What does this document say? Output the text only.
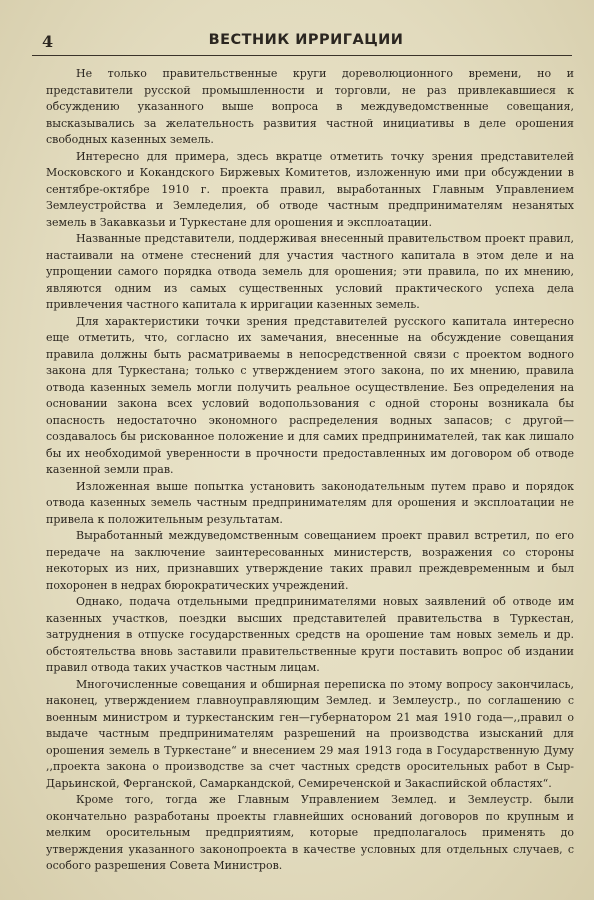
4	ВЕСТНИК ИРРИГАЦИИ

Не только правительственные круги дореволюционного времени, но и представители русской промышленности и торговли, не раз привлекавшиеся к обсуждению указанного выше вопроса в междуведомственные совещания, высказывались за желательность развития частной инициативы в деле орошения свободных казенных земель.

Интересно для примера, здесь вкратце отметить точку зрения представителей Московского и Кокандского Биржевых Комитетов, изложенную ими при обсуждении в сентябре-октябре 1910 г. проекта правил, выработанных Главным Управлением Землеустройства и Земледелия, об отводе частным предпринимателям незанятых земель в Закавказьи и Туркестане для орошения и эксплоатации.

Названные представители, поддерживая внесенный правительством проект правил, настаивали на отмене стеснений для участия частного капитала в этом деле и на упрощении самого порядка отвода земель для орошения; эти правила, по их мнению, являются одним из самых существенных условий практического успеха дела привлечения частного капитала к ирригации казенных земель.

Для характеристики точки зрения представителей русского капитала интересно еще отметить, что, согласно их замечания, внесенные на обсуждение совещания правила должны быть расматриваемы в непосредственной связи с проектом водного закона для Туркестана; только с утверждением этого закона, по их мнению, правила отвода казенных земель могли получить реальное осуществление. Без определения на основании закона всех условий водопользования с одной стороны возникала бы опасность недостаточно экономного распределения водных запасов; с другой—создавалось бы рискованное положение и для самих предпринимателей, так как лишало бы их необходимой уверенности в прочности предоставленных им договором об отводе казенной земли прав.

Изложенная выше попытка установить законодательным путем право и порядок отвода казенных земель частным предпринимателям для орошения и эксплоатации не привела к положительным результатам.

Выработанный междуведомственным совещанием проект правил встретил, по его передаче на заключение заинтересованных министерств, возражения со стороны некоторых из них, признавших утверждение таких правил преждевременным и был похоронен в недрах бюрократических учреждений.

Однако, подача отдельными предпринимателями новых заявлений об отводе им казенных участков, поездки высших представителей правительства в Туркестан, затруднения в отпуске государственных средств на орошение там новых земель и др. обстоятельства вновь заставили правительственные круги поставить вопрос об издании правил отвода таких участков частным лицам.

Многочисленные совещания и обширная переписка по этому вопросу закончилась, наконец, утверждением главноуправляющим Землед. и Землеустр., по соглашению с военным министром и туркестанским ген—губернатором 21 мая 1910 года—,,правил о выдаче частным предпринимателям разрешений на производства изысканий для орошения земель в Туркестане“ и внесением 29 мая 1913 года в Государственную Думу ,,проекта закона о производстве за счет частных средств оросительных работ в Сыр-Дарьинской, Ферганской, Самаркандской, Семиреченской и Закаспийской областях“.

Кроме того, тогда же Главным Управлением Землед. и Землеустр. были окончательно разработаны проекты главнейших оснований договоров по крупным и мелким оросительным предприятиям, которые предполагалось применять до утверждения указанного законопроекта в качестве условных для отдельных случаев, с особого разрешения Совета Министров.
